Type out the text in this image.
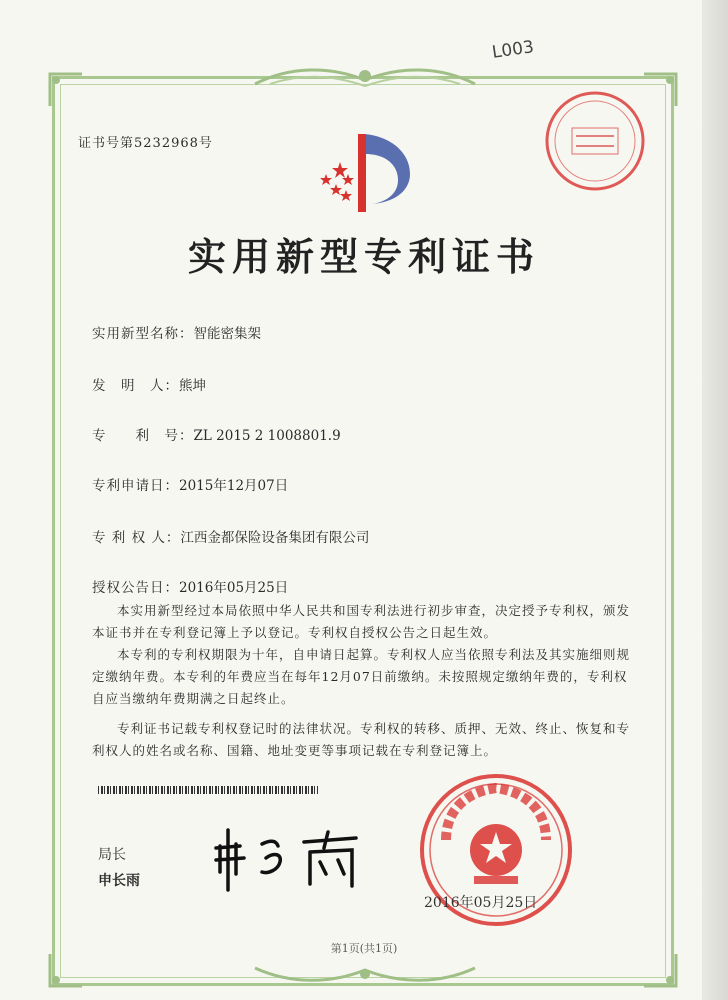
L003
证书号第5232968号
实用新型专利证书
实用新型名称：智能密集架
发　明　人：熊坤
专　　利　号：ZL 2015 2 1008801.9
专利申请日：2015年12月07日
专 利 权 人：江西金都保险设备集团有限公司
授权公告日：2016年05月25日

本实用新型经过本局依照中华人民共和国专利法进行初步审查，决定授予专利权，颁发本证书并在专利登记簿上予以登记。专利权自授权公告之日起生效。

本专利的专利权期限为十年，自申请日起算。专利权人应当依照专利法及其实施细则规定缴纳年费。本专利的年费应当在每年12月07日前缴纳。未按照规定缴纳年费的，专利权自应当缴纳年费期满之日起终止。

专利证书记载专利权登记时的法律状况。专利权的转移、质押、无效、终止、恢复和专利权人的姓名或名称、国籍、地址变更等事项记载在专利登记簿上。

局长
申长雨
2016年05月25日
第1页(共1页)
